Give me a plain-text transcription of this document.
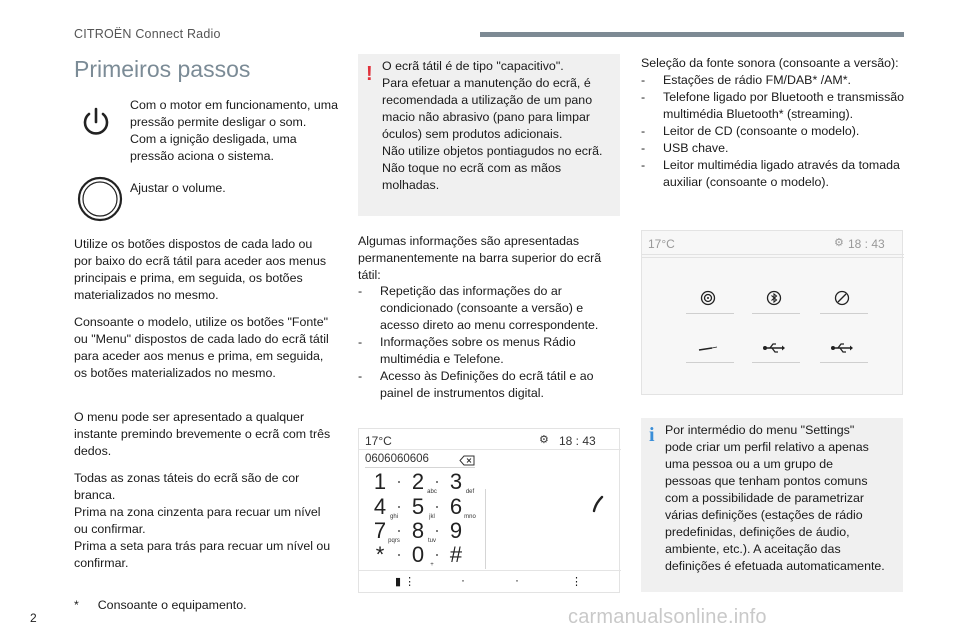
CITROËN Connect Radio
Primeiros passos

Com o motor em funcionamento, uma
pressão permite desligar o som.
Com a ignição desligada, uma
pressão aciona o sistema.

Ajustar o volume.

Utilize os botões dispostos de cada lado ou
por baixo do ecrã tátil para aceder aos menus
principais e prima, em seguida, os botões
materializados no mesmo.

Consoante o modelo, utilize os botões "Fonte"
ou "Menu" dispostos de cada lado do ecrã tátil
para aceder aos menus e prima, em seguida,
os botões materializados no mesmo.

O menu pode ser apresentado a qualquer
instante premindo brevemente o ecrã com três
dedos.

Todas as zonas táteis do ecrã são de cor
branca.
Prima na zona cinzenta para recuar um nível
ou confirmar.
Prima a seta para trás para recuar um nível ou
confirmar.

* Consoante o equipamento.
! O ecrã tátil é de tipo "capacitivo".
Para efetuar a manutenção do ecrã, é
recomendada a utilização de um pano
macio não abrasivo (pano para limpar
óculos) sem produtos adicionais.
Não utilize objetos pontiagudos no ecrã.
Não toque no ecrã com as mãos
molhadas.

Algumas informações são apresentadas
permanentemente na barra superior do ecrã
tátil:

- Repetição das informações do ar
condicionado (consoante a versão) e
acesso direto ao menu correspondente.

- Informações sobre os menus Rádio
multimédia e Telefone.

- Acesso às Definições do ecrã tátil e ao
painel de instrumentos digital.

17°C	⚙ 18 : 43
0606060606
1 2 abc 3 def
4 ghi 5 jkl 6 mno
7 pqrs 8 tuv 9
*	0	+ #
▮ ⋮	·	·	⋮
Seleção da fonte sonora (consoante a versão):
- Estações de rádio FM/DAB* /AM*.

- Telefone ligado por Bluetooth e transmissão
multimédia Bluetooth* (streaming).

- Leitor de CD (consoante o modelo).

- USB chave.

- Leitor multimédia ligado através da tomada
auxiliar (consoante o modelo).

17°C	⚙ 18 : 43
i Por intermédio do menu "Settings"
pode criar um perfil relativo a apenas
uma pessoa ou a um grupo de
pessoas que tenham pontos comuns
com a possibilidade de parametrizar
várias definições (estações de rádio
predefinidas, definições de áudio,
ambiente, etc.). A aceitação das
definições é efetuada automaticamente.

2	carmanualsonline.info
